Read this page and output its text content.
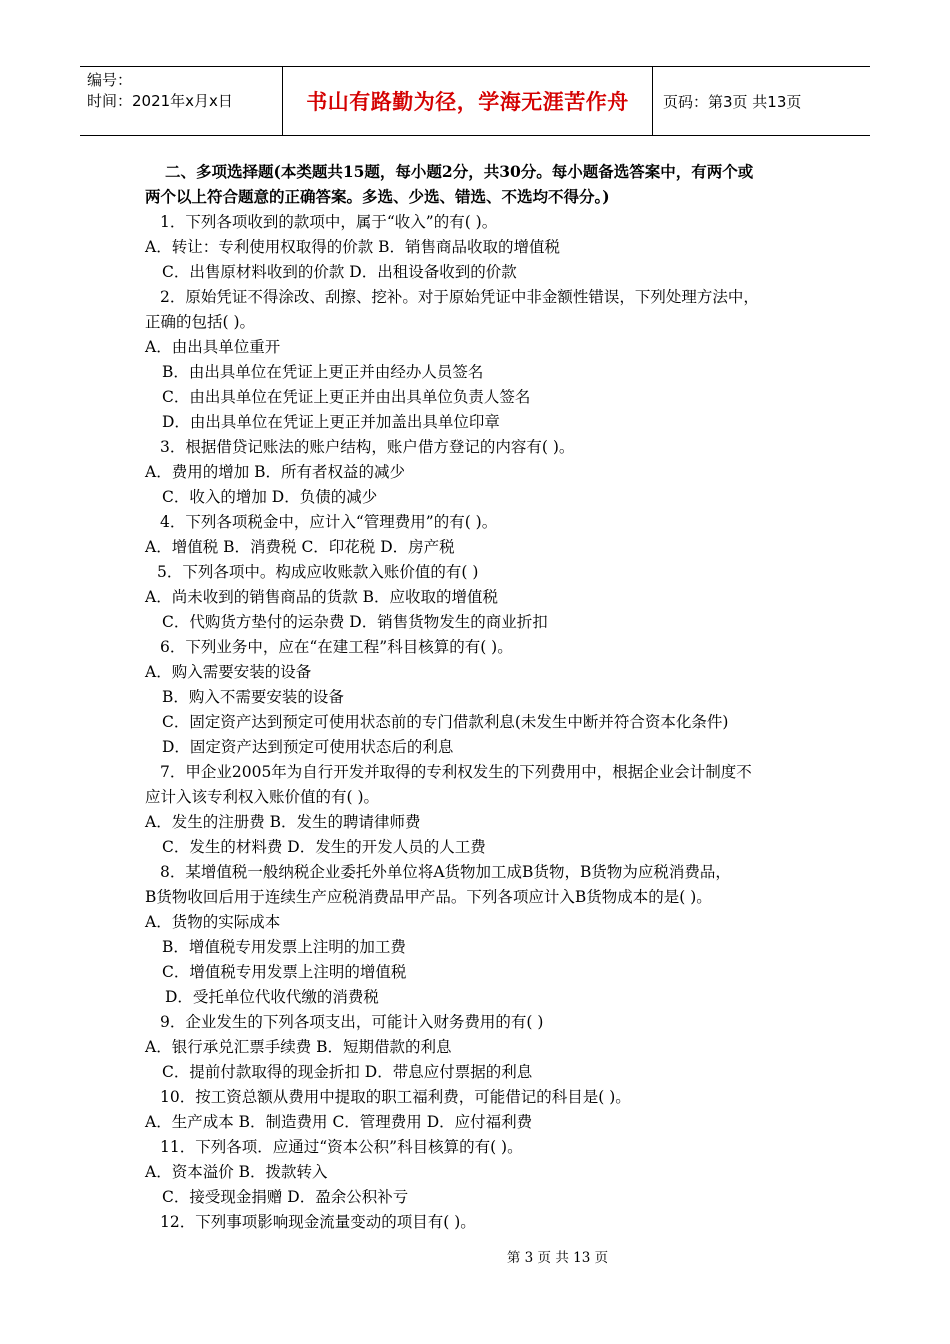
编号：
时间：2021年x月x日	书山有路勤为径，学海无涯苦作舟	页码：第3页 共13页
二、多项选择题(本类题共15题，每小题2分，共30分。每小题备选答案中，有两个或
两个以上符合题意的正确答案。多选、少选、错选、不选均不得分。)
1．下列各项收到的款项中，属于“收入”的有( )。
A．转让：专利使用权取得的价款 B．销售商品收取的增值税
C．出售原材料收到的价款 D．出租设备收到的价款
2．原始凭证不得涂改、刮擦、挖补。对于原始凭证中非金额性错误，下列处理方法中，
正确的包括( )。
A．由出具单位重开
B．由出具单位在凭证上更正并由经办人员签名
C．由出具单位在凭证上更正并由出具单位负责人签名
D．由出具单位在凭证上更正并加盖出具单位印章
3．根据借贷记账法的账户结构，账户借方登记的内容有( )。
A．费用的增加 B．所有者权益的减少
C．收入的增加 D．负债的减少
4．下列各项税金中，应计入“管理费用”的有( )。
A．增值税 B．消费税 C．印花税 D．房产税
5．下列各项中。构成应收账款入账价值的有( )
A．尚未收到的销售商品的货款 B．应收取的增值税
C．代购货方垫付的运杂费 D．销售货物发生的商业折扣
6．下列业务中，应在“在建工程”科目核算的有( )。
A．购入需要安装的设备
B．购入不需要安装的设备
C．固定资产达到预定可使用状态前的专门借款利息(未发生中断并符合资本化条件)
D．固定资产达到预定可使用状态后的利息
7．甲企业2005年为自行开发并取得的专利权发生的下列费用中，根据企业会计制度不
应计入该专利权入账价值的有( )。
A．发生的注册费 B．发生的聘请律师费
C．发生的材料费 D．发生的开发人员的人工费
8．某增值税一般纳税企业委托外单位将A货物加工成B货物，B货物为应税消费品，
B货物收回后用于连续生产应税消费品甲产品。下列各项应计入B货物成本的是( )。
A．货物的实际成本
B．增值税专用发票上注明的加工费
C．增值税专用发票上注明的增值税
D．受托单位代收代缴的消费税
9．企业发生的下列各项支出，可能计入财务费用的有( )
A．银行承兑汇票手续费 B．短期借款的利息
C．提前付款取得的现金折扣 D．带息应付票据的利息
10．按工资总额从费用中提取的职工福利费，可能借记的科目是( )。
A．生产成本 B．制造费用 C．管理费用 D．应付福利费
11．下列各项．应通过“资本公积”科目核算的有( )。
A．资本溢价 B．拨款转入
C．接受现金捐赠 D．盈余公积补亏
12．下列事项影响现金流量变动的项目有( )。
第 3 页 共 13 页
